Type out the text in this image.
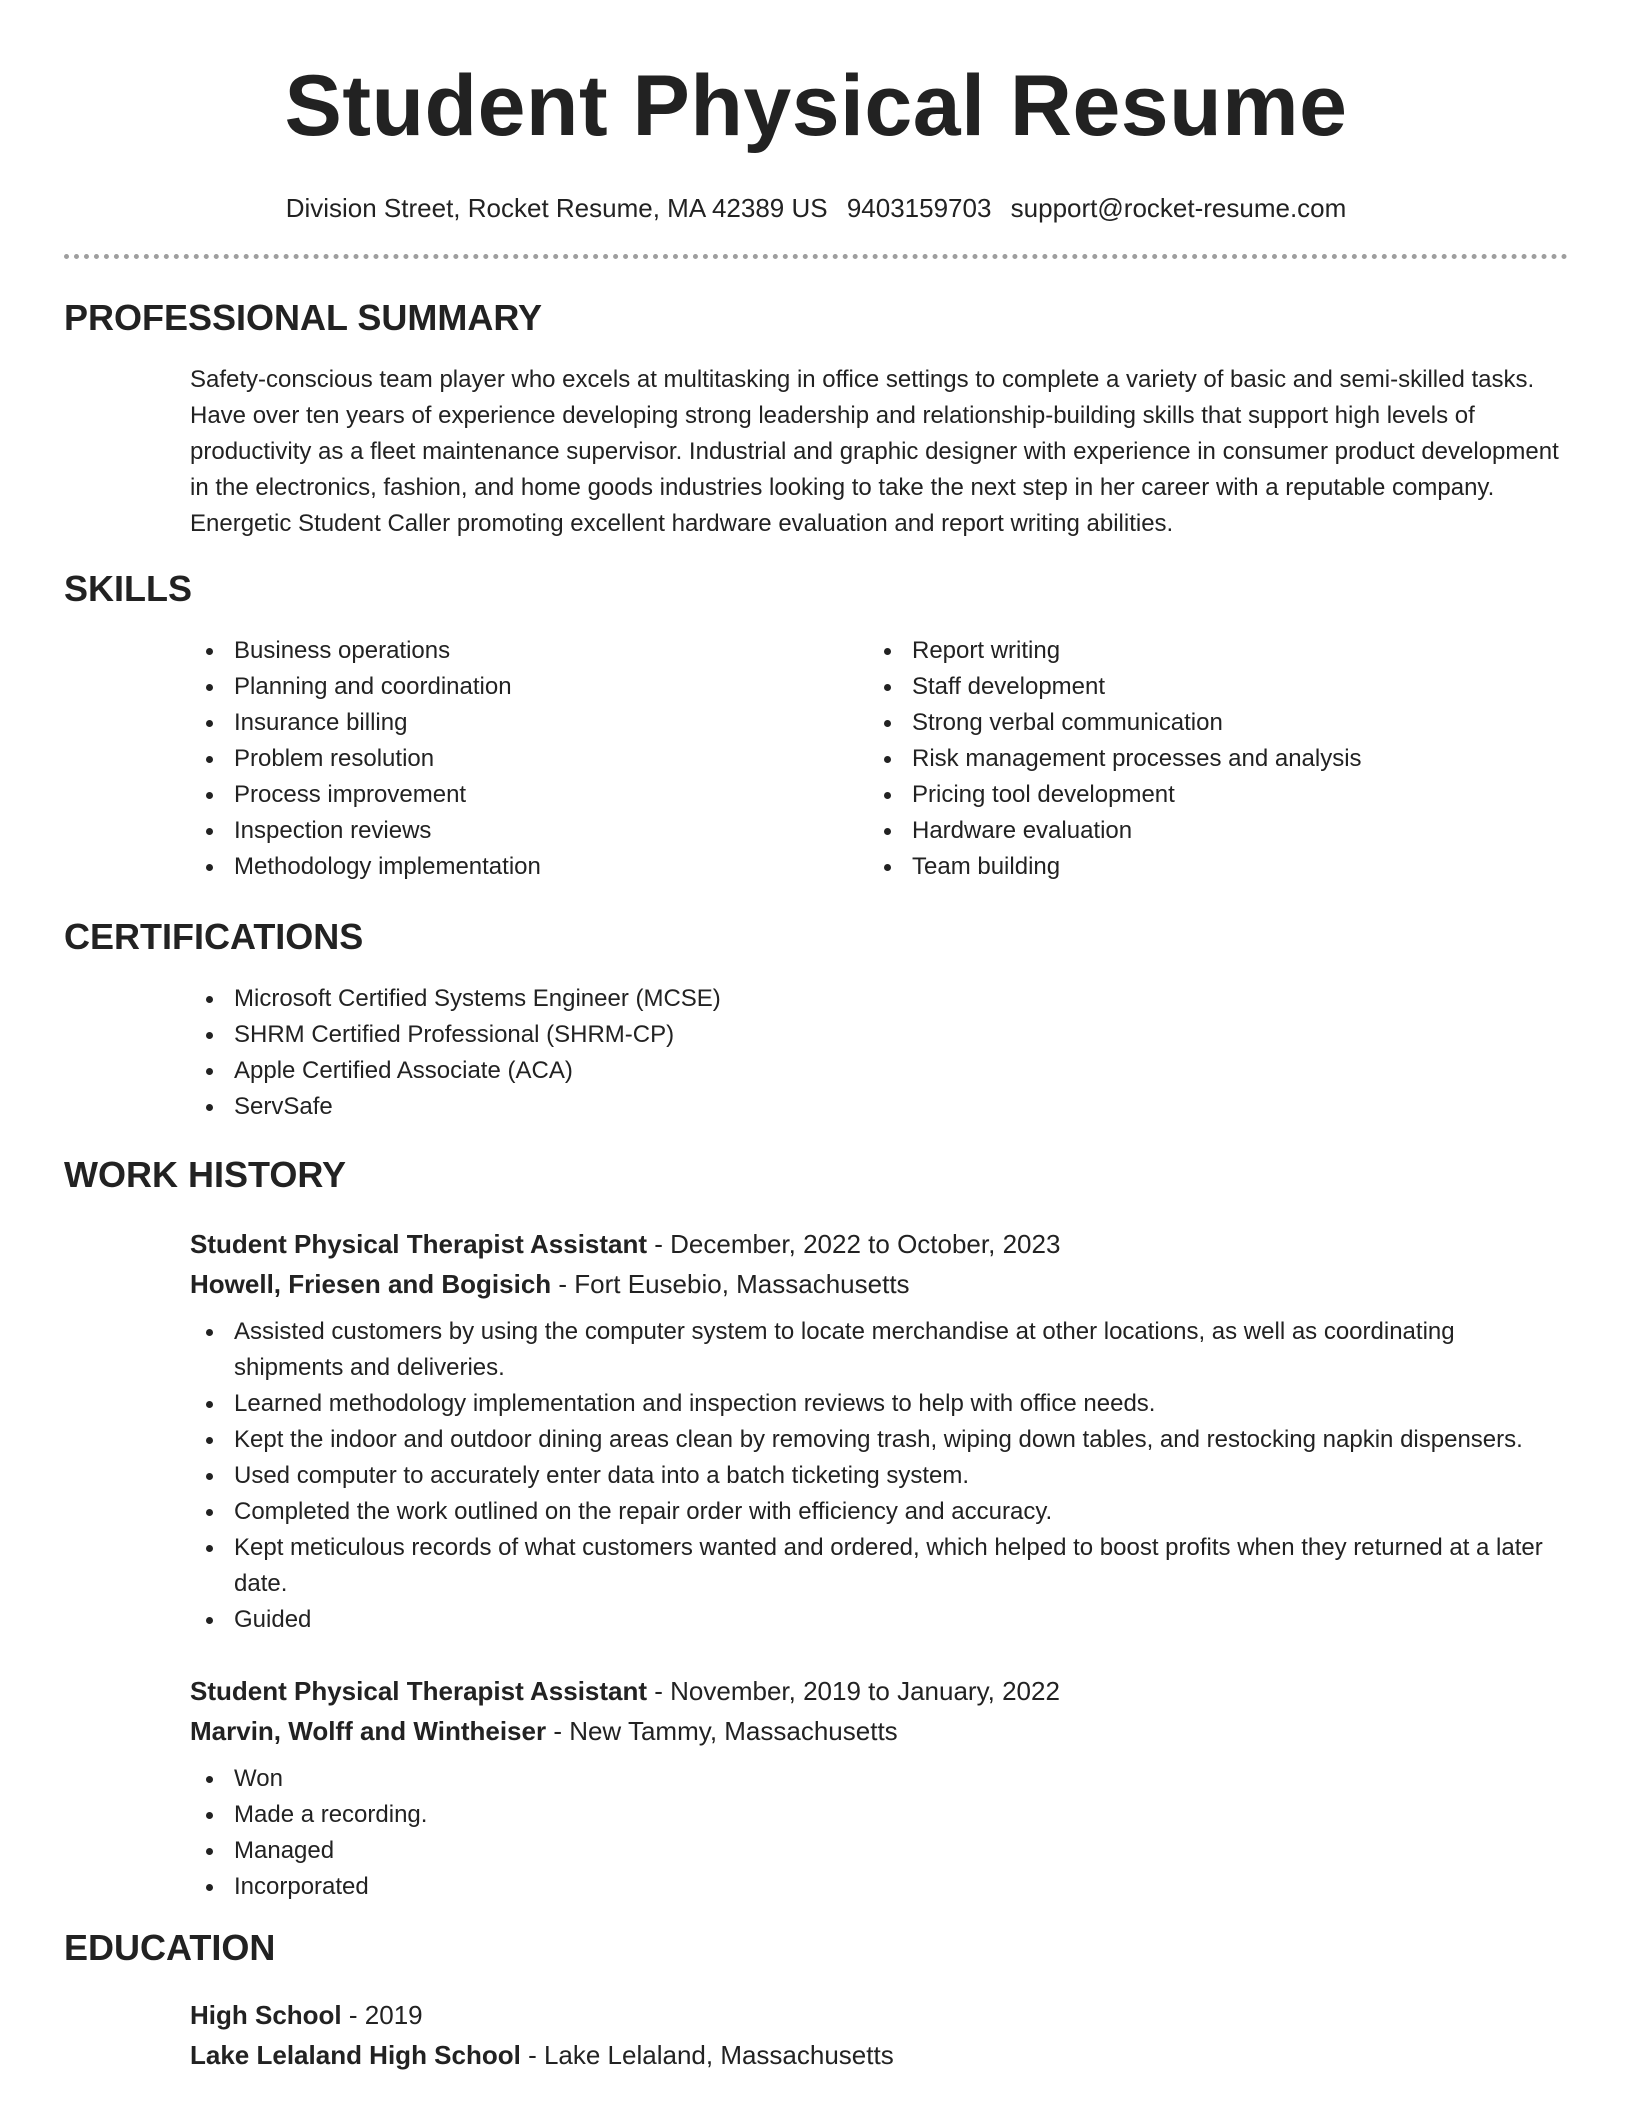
Student Physical Resume
Division Street, Rocket Resume, MA 42389 US 9403159703 support@rocket-resume.com
PROFESSIONAL SUMMARY

Safety-conscious team player who excels at multitasking in office settings to complete a variety of basic and semi-skilled tasks. Have over ten years of experience developing strong leadership and relationship-building skills that support high levels of productivity as a fleet maintenance supervisor. Industrial and graphic designer with experience in consumer product development in the electronics, fashion, and home goods industries looking to take the next step in her career with a reputable company. Energetic Student Caller promoting excellent hardware evaluation and report writing abilities.

SKILLS
Business operations
Planning and coordination
Insurance billing
Problem resolution
Process improvement
Inspection reviews
Methodology implementation
Report writing
Staff development
Strong verbal communication
Risk management processes and analysis
Pricing tool development
Hardware evaluation
Team building
CERTIFICATIONS
Microsoft Certified Systems Engineer (MCSE)
SHRM Certified Professional (SHRM-CP)
Apple Certified Associate (ACA)
ServSafe
WORK HISTORY
Student Physical Therapist Assistant - December, 2022 to October, 2023
Howell, Friesen and Bogisich - Fort Eusebio, Massachusetts
Assisted customers by using the computer system to locate merchandise at other locations, as well as coordinating shipments and deliveries.
Learned methodology implementation and inspection reviews to help with office needs.
Kept the indoor and outdoor dining areas clean by removing trash, wiping down tables, and restocking napkin dispensers.
Used computer to accurately enter data into a batch ticketing system.
Completed the work outlined on the repair order with efficiency and accuracy.
Kept meticulous records of what customers wanted and ordered, which helped to boost profits when they returned at a later date.
Guided
Student Physical Therapist Assistant - November, 2019 to January, 2022
Marvin, Wolff and Wintheiser - New Tammy, Massachusetts
Won
Made a recording.
Managed
Incorporated
EDUCATION
High School - 2019
Lake Lelaland High School - Lake Lelaland, Massachusetts
